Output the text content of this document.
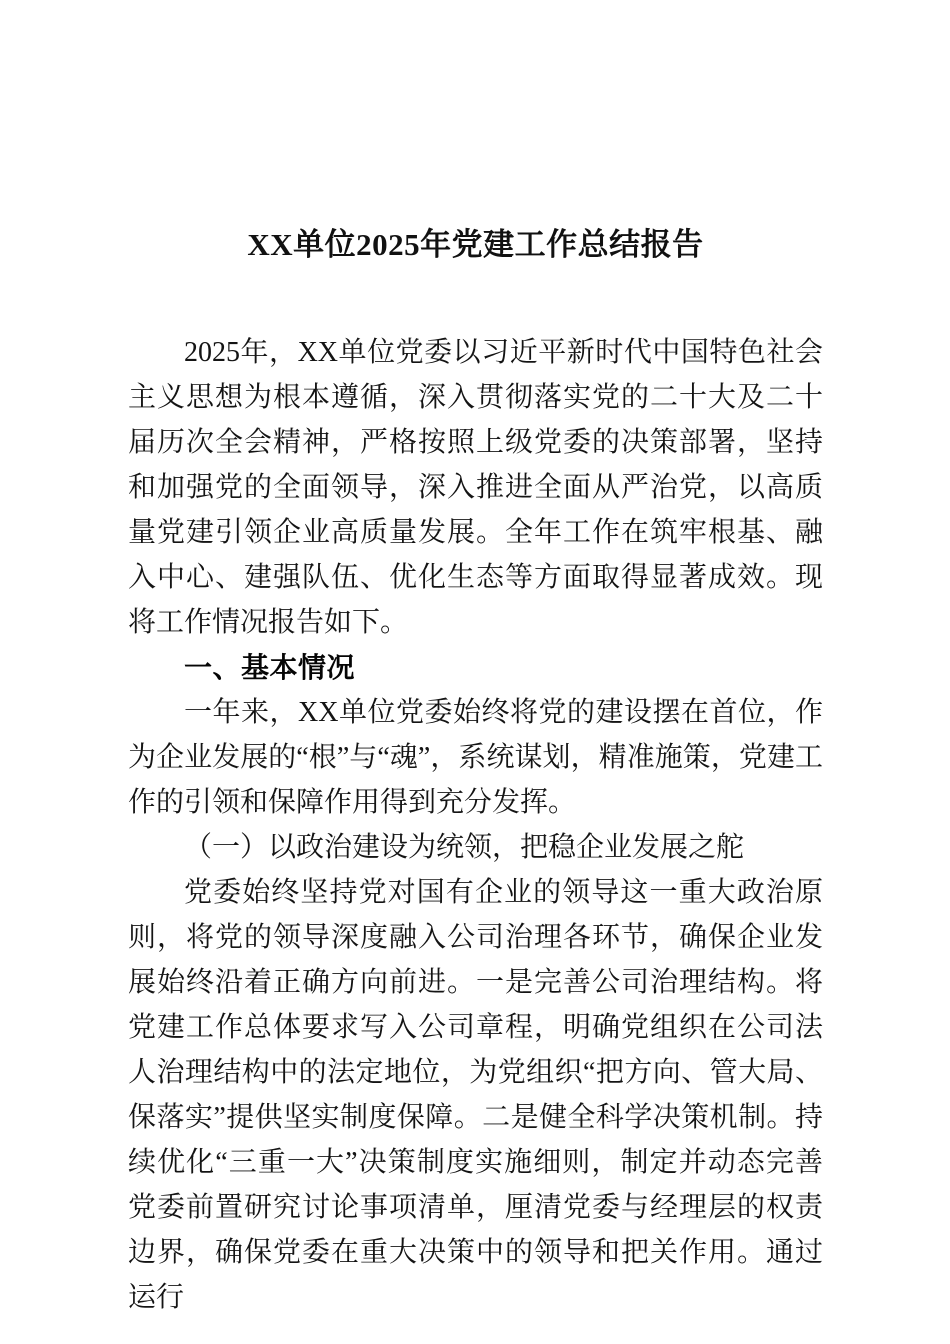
XX单位2025年党建工作总结报告

2025年，XX单位党委以习近平新时代中国特色社会主义思想为根本遵循，深入贯彻落实党的二十大及二十届历次全会精神，严格按照上级党委的决策部署，坚持和加强党的全面领导，深入推进全面从严治党，以高质量党建引领企业高质量发展。全年工作在筑牢根基、融入中心、建强队伍、优化生态等方面取得显著成效。现将工作情况报告如下。

一、基本情况

一年来，XX单位党委始终将党的建设摆在首位，作为企业发展的“根”与“魂”，系统谋划，精准施策，党建工作的引领和保障作用得到充分发挥。

（一）以政治建设为统领，把稳企业发展之舵

党委始终坚持党对国有企业的领导这一重大政治原则，将党的领导深度融入公司治理各环节，确保企业发展始终沿着正确方向前进。一是完善公司治理结构。将党建工作总体要求写入公司章程，明确党组织在公司法人治理结构中的法定地位，为党组织“把方向、管大局、保落实”提供坚实制度保障。二是健全科学决策机制。持续优化“三重一大”决策制度实施细则，制定并动态完善党委前置研究讨论事项清单，厘清党委与经理层的权责边界，确保党委在重大决策中的领导和把关作用。通过运行
